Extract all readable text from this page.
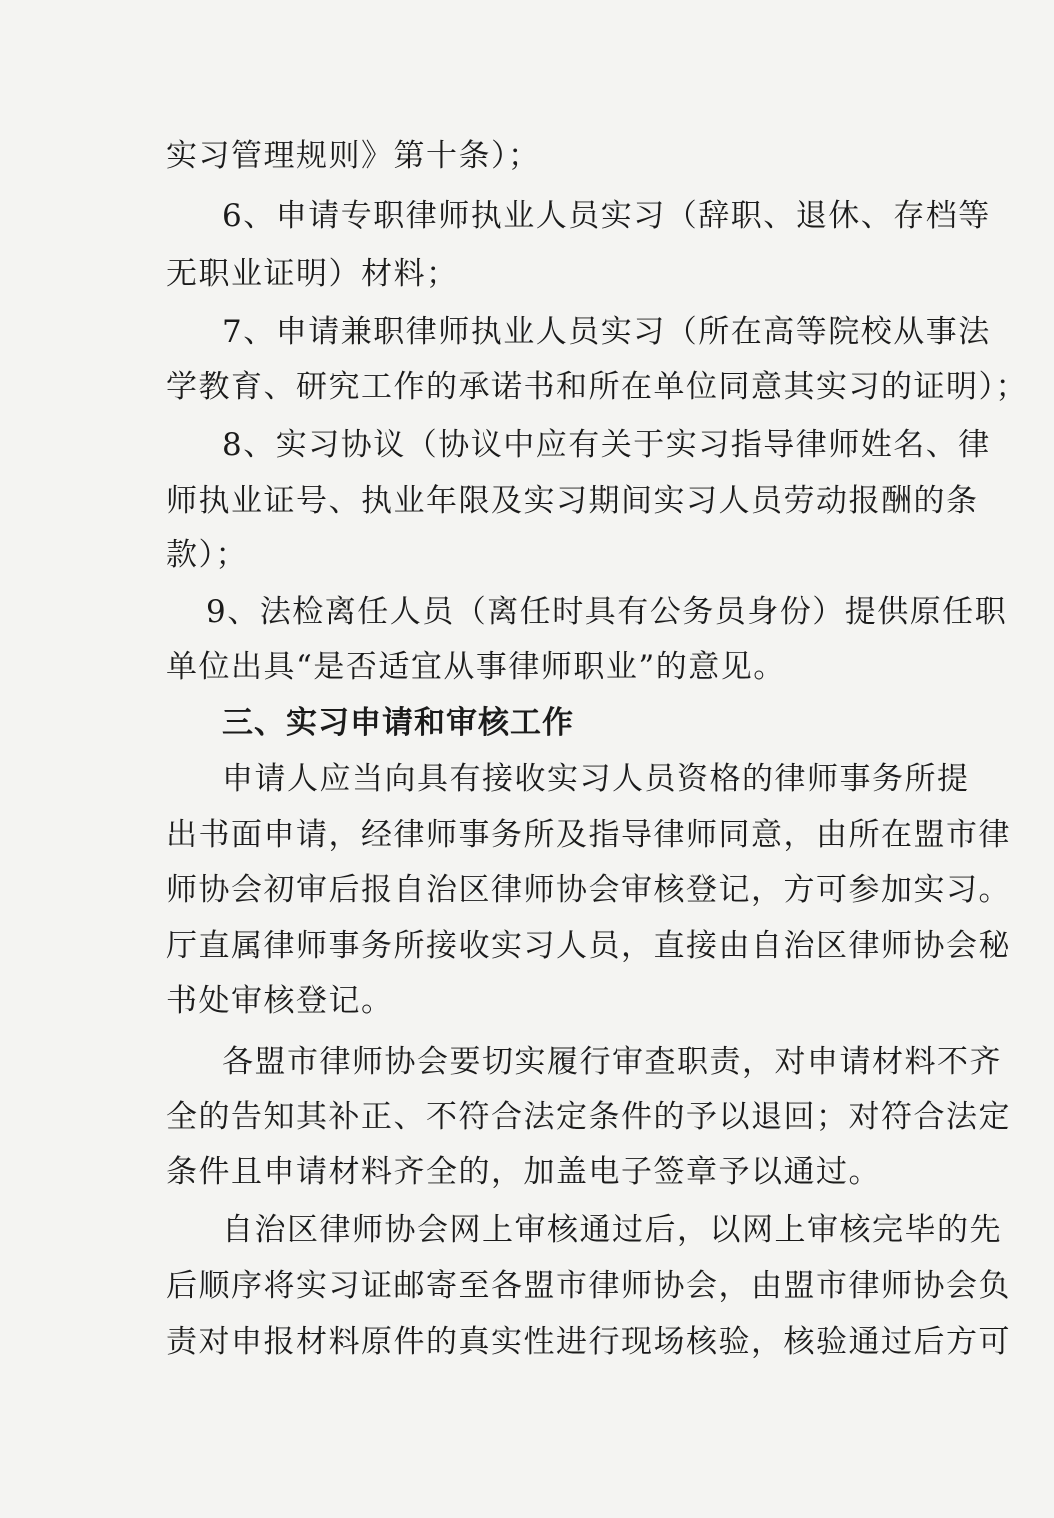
实习管理规则》第十条）；
6、申请专职律师执业人员实习（辞职、退休、存档等
无职业证明）材料；
7、申请兼职律师执业人员实习（所在高等院校从事法
学教育、研究工作的承诺书和所在单位同意其实习的证明）；
8、实习协议（协议中应有关于实习指导律师姓名、律
师执业证号、执业年限及实习期间实习人员劳动报酬的条
款）；
9、法检离任人员（离任时具有公务员身份）提供原任职
单位出具“是否适宜从事律师职业”的意见。
三、实习申请和审核工作
申请人应当向具有接收实习人员资格的律师事务所提
出书面申请，经律师事务所及指导律师同意，由所在盟市律
师协会初审后报自治区律师协会审核登记，方可参加实习。
厅直属律师事务所接收实习人员，直接由自治区律师协会秘
书处审核登记。
各盟市律师协会要切实履行审查职责，对申请材料不齐
全的告知其补正、不符合法定条件的予以退回；对符合法定
条件且申请材料齐全的，加盖电子签章予以通过。
自治区律师协会网上审核通过后，以网上审核完毕的先
后顺序将实习证邮寄至各盟市律师协会，由盟市律师协会负
责对申报材料原件的真实性进行现场核验，核验通过后方可
